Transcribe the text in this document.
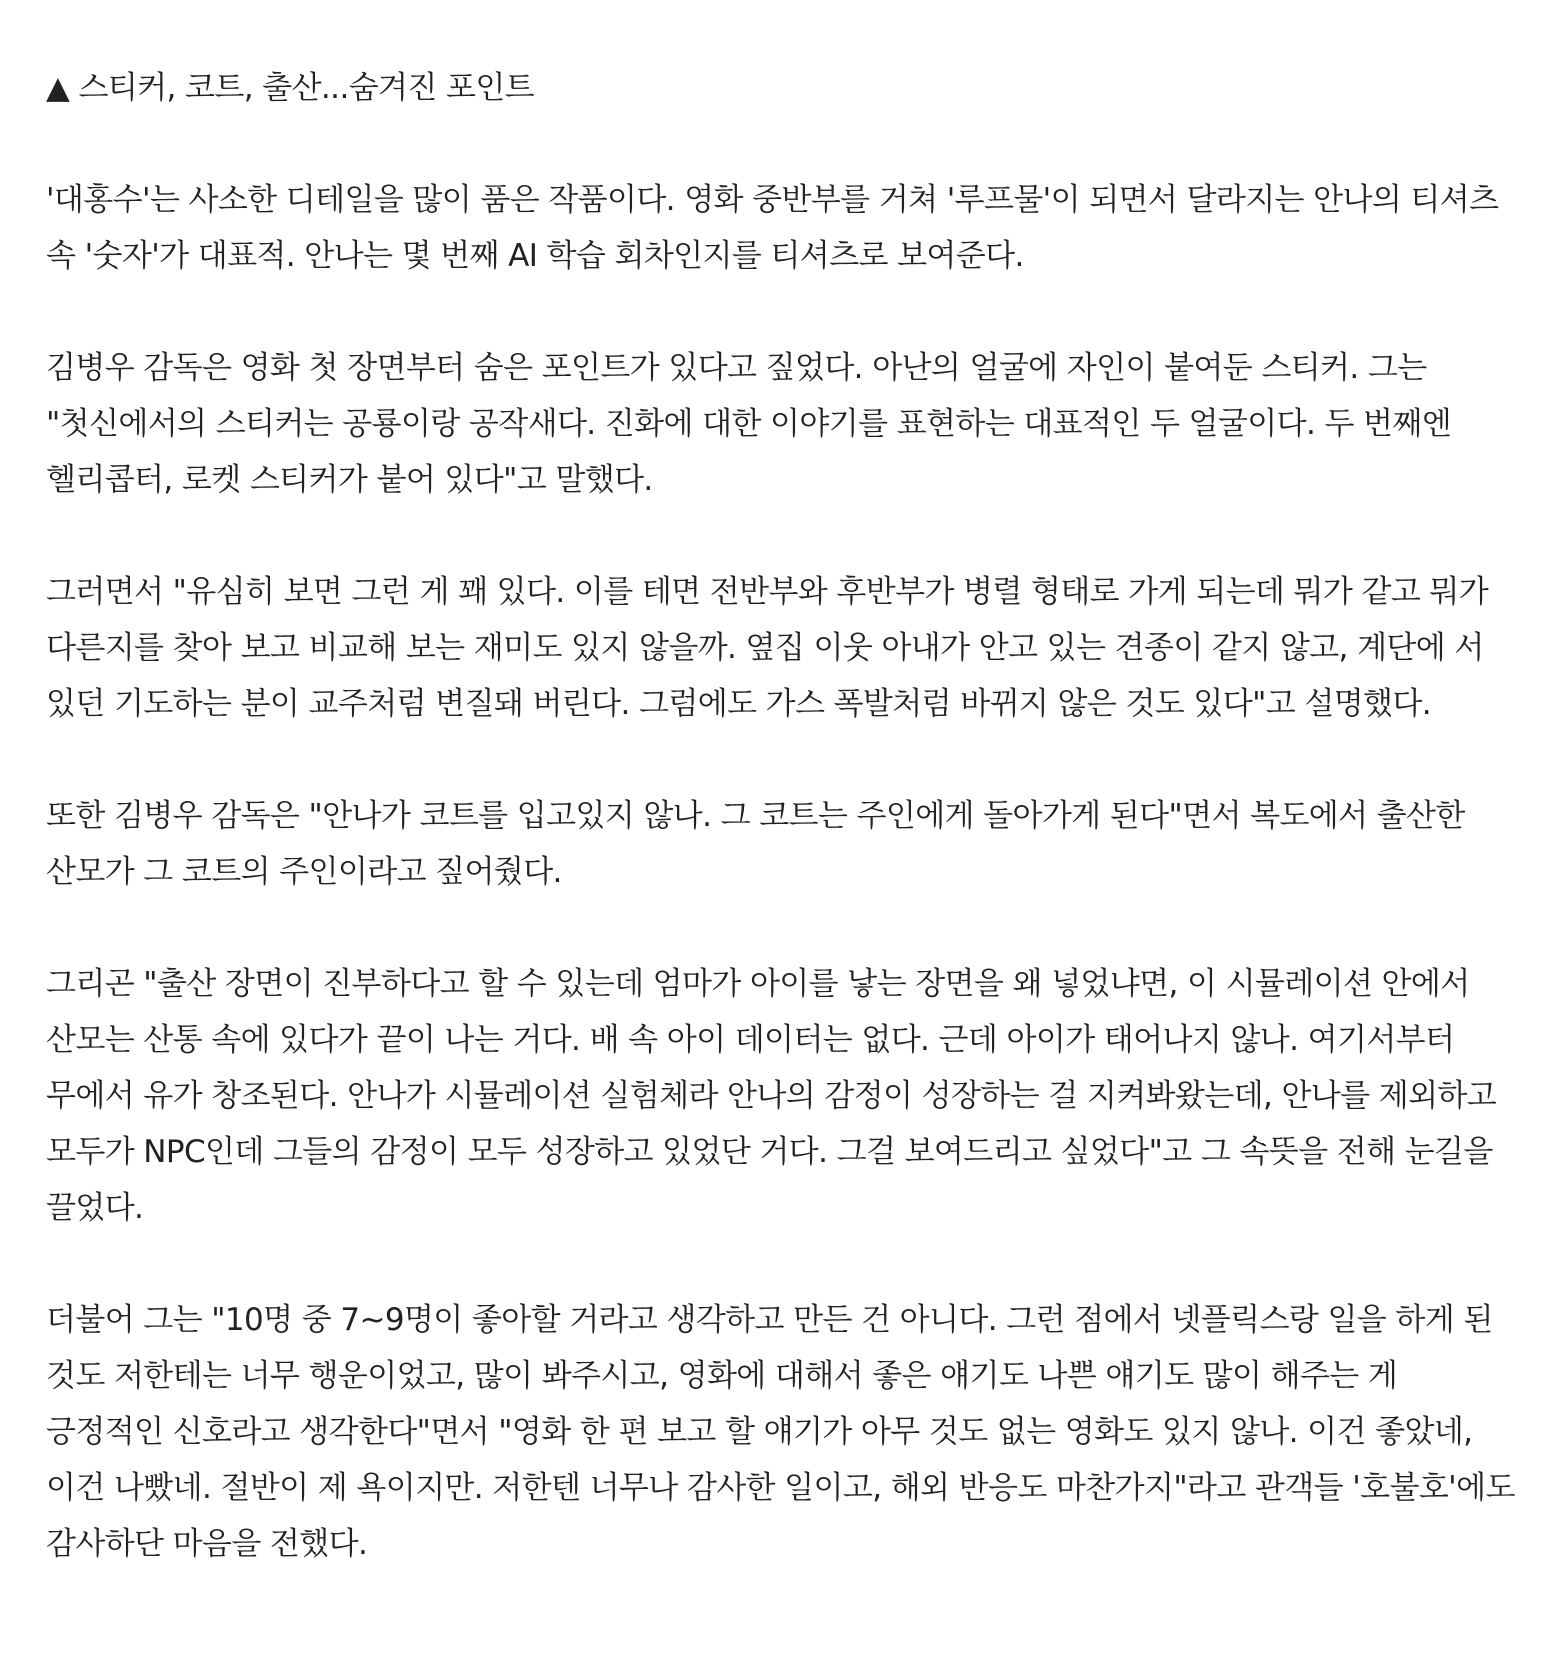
▲ 스티커, 코트, 출산...숨겨진 포인트

'대홍수'는 사소한 디테일을 많이 품은 작품이다. 영화 중반부를 거쳐 '루프물'이 되면서 달라지는 안나의 티셔츠 속 '숫자'가 대표적. 안나는 몇 번째 AI 학습 회차인지를 티셔츠로 보여준다.

김병우 감독은 영화 첫 장면부터 숨은 포인트가 있다고 짚었다. 아난의 얼굴에 자인이 붙여둔 스티커. 그는 "첫신에서의 스티커는 공룡이랑 공작새다. 진화에 대한 이야기를 표현하는 대표적인 두 얼굴이다. 두 번째엔 헬리콥터, 로켓 스티커가 붙어 있다"고 말했다.

그러면서 "유심히 보면 그런 게 꽤 있다. 이를 테면 전반부와 후반부가 병렬 형태로 가게 되는데 뭐가 같고 뭐가 다른지를 찾아 보고 비교해 보는 재미도 있지 않을까. 옆집 이웃 아내가 안고 있는 견종이 같지 않고, 계단에 서 있던 기도하는 분이 교주처럼 변질돼 버린다. 그럼에도 가스 폭발처럼 바뀌지 않은 것도 있다"고 설명했다.

또한 김병우 감독은 "안나가 코트를 입고있지 않나. 그 코트는 주인에게 돌아가게 된다"면서 복도에서 출산한 산모가 그 코트의 주인이라고 짚어줬다.

그리곤 "출산 장면이 진부하다고 할 수 있는데 엄마가 아이를 낳는 장면을 왜 넣었냐면, 이 시뮬레이션 안에서 산모는 산통 속에 있다가 끝이 나는 거다. 배 속 아이 데이터는 없다. 근데 아이가 태어나지 않나. 여기서부터 무에서 유가 창조된다. 안나가 시뮬레이션 실험체라 안나의 감정이 성장하는 걸 지켜봐왔는데, 안나를 제외하고 모두가 NPC인데 그들의 감정이 모두 성장하고 있었단 거다. 그걸 보여드리고 싶었다"고 그 속뜻을 전해 눈길을 끌었다.

더불어 그는 "10명 중 7~9명이 좋아할 거라고 생각하고 만든 건 아니다. 그런 점에서 넷플릭스랑 일을 하게 된 것도 저한테는 너무 행운이었고, 많이 봐주시고, 영화에 대해서 좋은 얘기도 나쁜 얘기도 많이 해주는 게 긍정적인 신호라고 생각한다"면서 "영화 한 편 보고 할 얘기가 아무 것도 없는 영화도 있지 않나. 이건 좋았네, 이건 나빴네. 절반이 제 욕이지만. 저한텐 너무나 감사한 일이고, 해외 반응도 마찬가지"라고 관객들 '호불호'에도 감사하단 마음을 전했다.
